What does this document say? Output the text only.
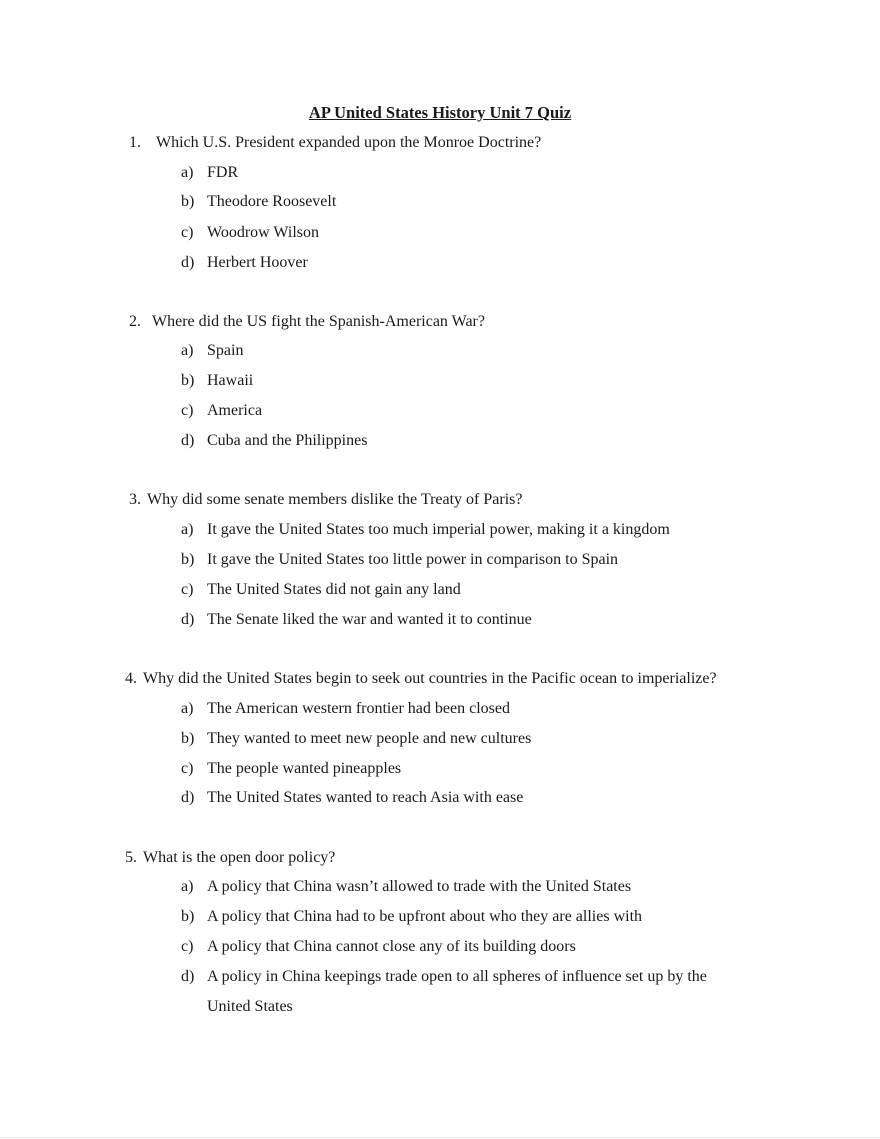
AP United States History Unit 7 Quiz
1. Which U.S. President expanded upon the Monroe Doctrine?
a) FDR
b) Theodore Roosevelt
c) Woodrow Wilson
d) Herbert Hoover
2. Where did the US fight the Spanish-American War?
a) Spain
b) Hawaii
c) America
d) Cuba and the Philippines
3. Why did some senate members dislike the Treaty of Paris?
a) It gave the United States too much imperial power, making it a kingdom
b) It gave the United States too little power in comparison to Spain
c) The United States did not gain any land
d) The Senate liked the war and wanted it to continue
4. Why did the United States begin to seek out countries in the Pacific ocean to imperialize?
a) The American western frontier had been closed
b) They wanted to meet new people and new cultures
c) The people wanted pineapples
d) The United States wanted to reach Asia with ease
5. What is the open door policy?
a) A policy that China wasn’t allowed to trade with the United States
b) A policy that China had to be upfront about who they are allies with
c) A policy that China cannot close any of its building doors
d) A policy in China keepings trade open to all spheres of influence set up by the
United States
